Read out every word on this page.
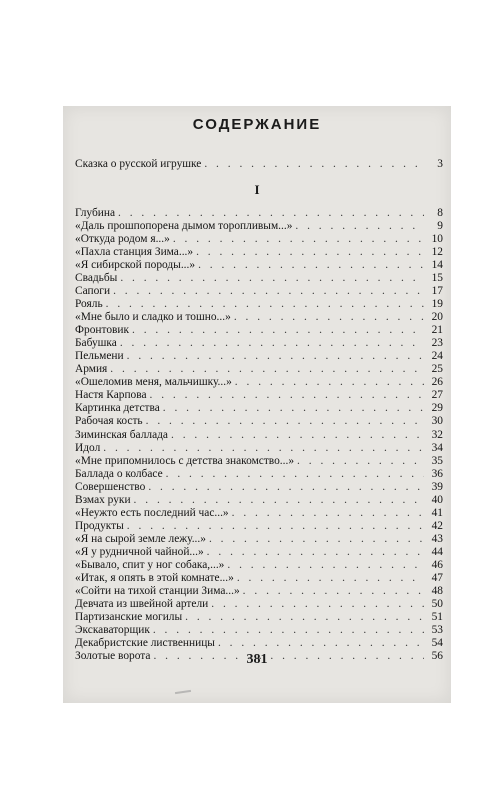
СОДЕРЖАНИЕ
Сказка о русской игрушке . . .	3
I
Глубина . . .	8
«Даль прошпопорена дымом торопливым...» . . .	9
«Откуда родом я...» . . .	10
«Пахла станция Зима...» . . .	12
«Я сибирской породы...» . . .	14
Свадьбы . . .	15
Сапоги . . .	17
Рояль . . .	19
«Мне было и сладко и тошно...» . . .	20
Фронтовик . . .	21
Бабушка . . .	23
Пельмени . . .	24
Армия . . .	25
«Ошеломив меня, мальчишку...» . . .	26
Настя Карпова . . .	27
Картинка детства . . .	29
Рабочая кость . . .	30
Зиминская баллада . . .	32
Идол . . .	34
«Мне припомнилось с детства знакомство...» . . .	35
Баллада о колбасе . . .	36
Совершенство . . .	39
Взмах руки . . .	40
«Неужто есть последний час...» . . .	41
Продукты . . .	42
«Я на сырой земле лежу...» . . .	43
«Я у рудничной чайной...» . . .	44
«Бывало, спит у ног собака,...» . . .	46
«Итак, я опять в этой комнате...» . . .	47
«Сойти на тихой станции Зима...» . . .	48
Девчата из швейной артели . . .	50
Партизанские могилы . . .	51
Экскаваторщик . . .	53
Декабристские лиственницы . . .	54
Золотые ворота . . .	56
381
